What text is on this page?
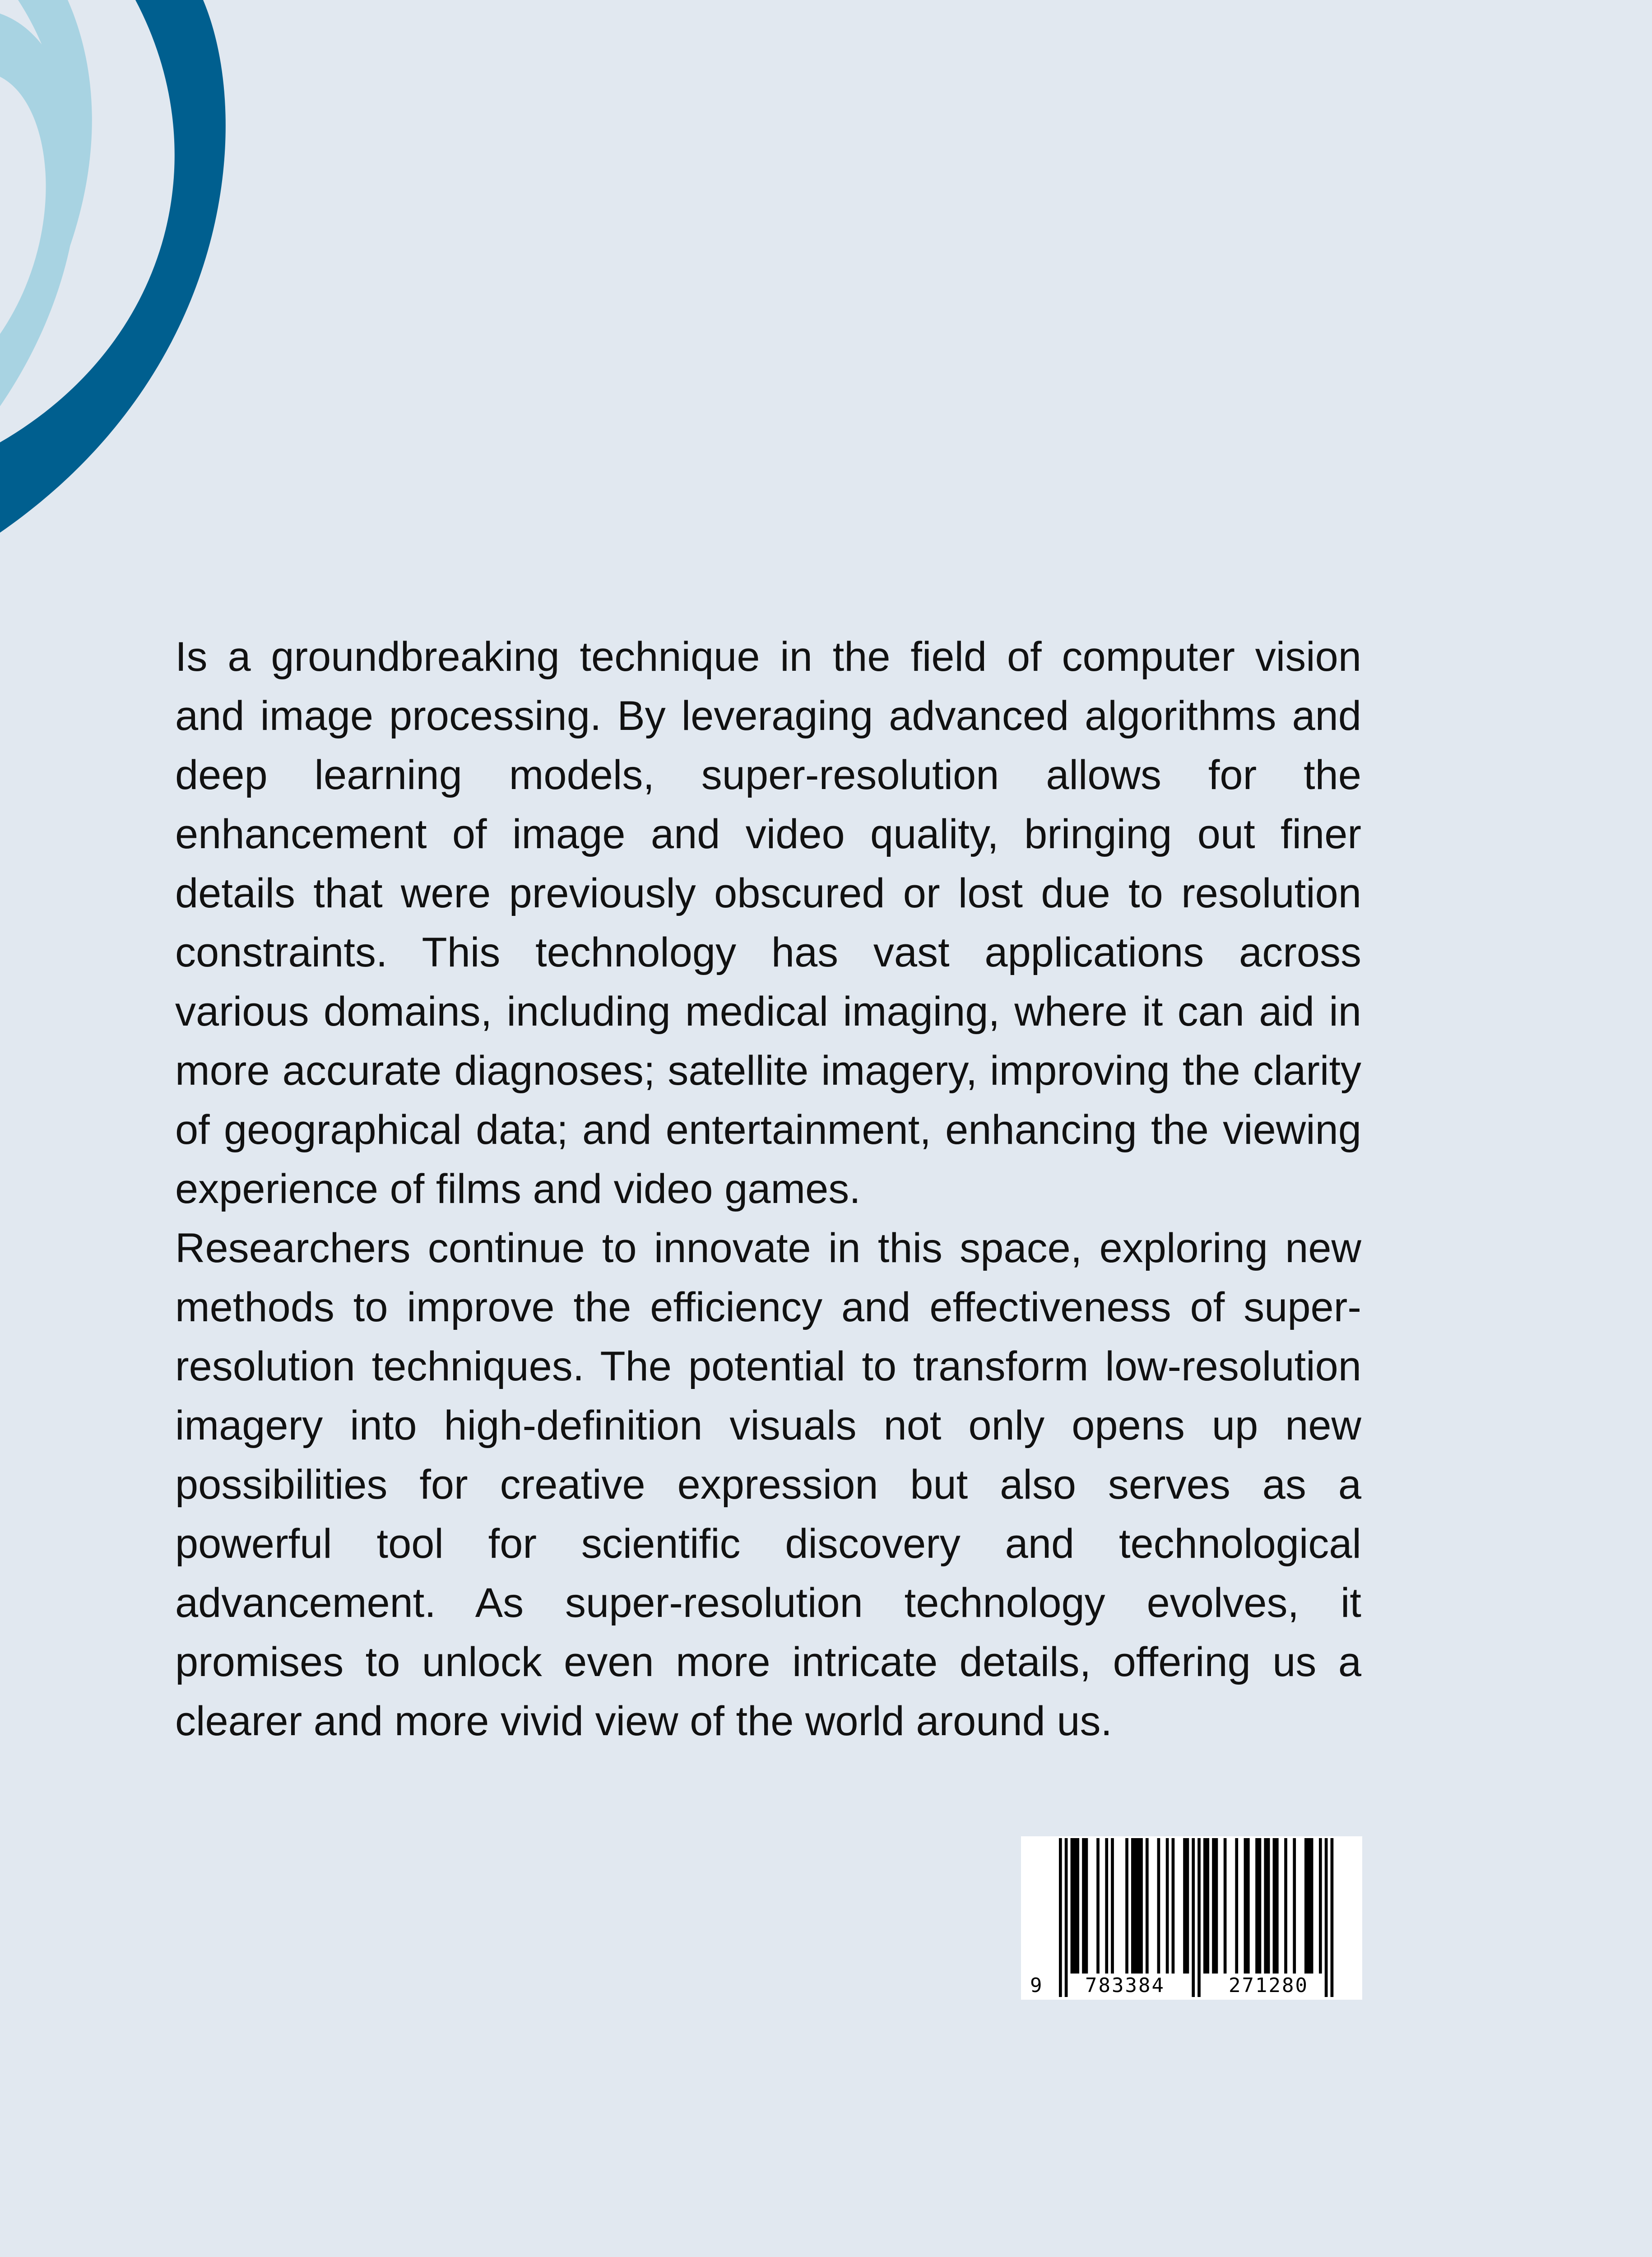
Is a groundbreaking technique in the field of computer vision and image processing. By leveraging advanced algorithms and deep learning models, super-resolution allows for the enhancement of image and video quality, bringing out finer details that were previously obscured or lost due to resolution constraints. This technology has vast applications across various domains, including medical imaging, where it can aid in more accurate diagnoses; satellite imagery, improving the clarity of geographical data; and entertainment, enhancing the viewing experience of films and video games.

Researchers continue to innovate in this space, exploring new methods to improve the efficiency and effectiveness of super-resolution techniques. The potential to transform low-resolution imagery into high-definition visuals not only opens up new possibilities for creative expression but also serves as a powerful tool for scientific discovery and technological advancement. As super-resolution technology evolves, it promises to unlock even more intricate details, offering us a clearer and more vivid view of the world around us.

9 783384	271280
